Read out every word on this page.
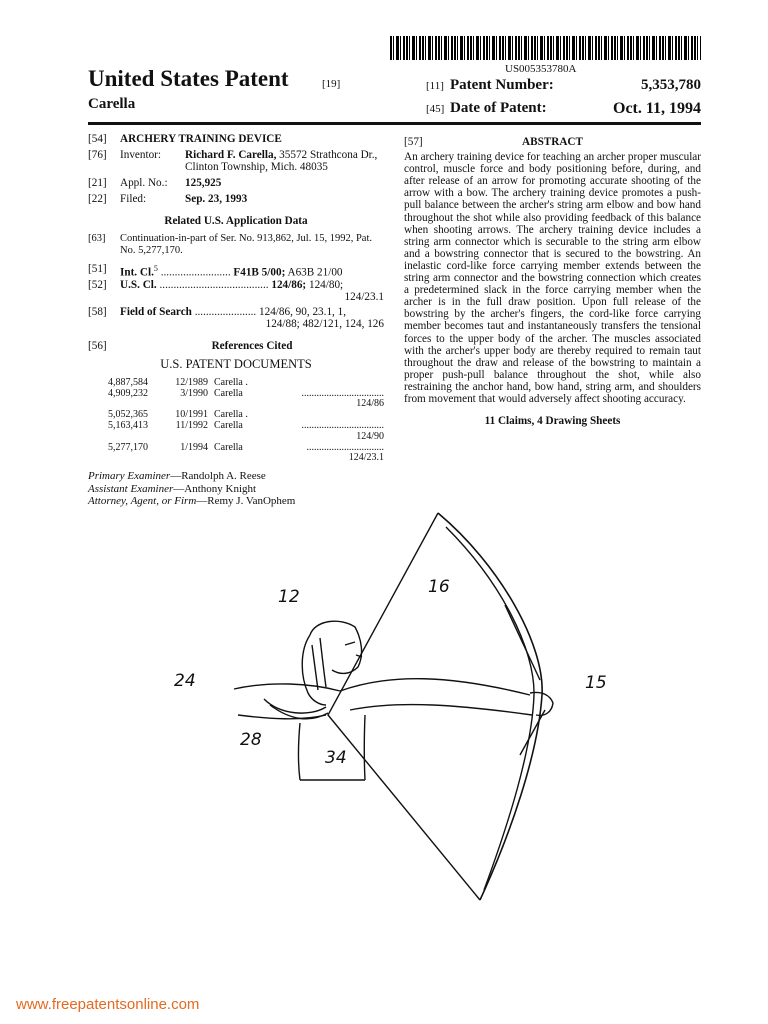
US005353780A
United States Patent	[19]
Carella
[11] Patent Number:	5,353,780
[45] Date of Patent:	Oct. 11, 1994
[54]	ARCHERY TRAINING DEVICE
[76]	Inventor:	Richard F. Carella, 35572 Strathcona Dr., Clinton Township, Mich. 48035
[21]	Appl. No.:	125,925
[22]	Filed:	Sep. 23, 1993
Related U.S. Application Data
[63]	Continuation-in-part of Ser. No. 913,862, Jul. 15, 1992, Pat. No. 5,277,170.
[51]	Int. Cl.$^5$ ......................... F41B 5/00; A63B 21/00
[52]	U.S. Cl. ....................................... 124/86; 124/80;
124/23.1
[58]	Field of Search ...................... 124/86, 90, 23.1, 1,
124/88; 482/121, 124, 126
[56]	References Cited
U.S. PATENT DOCUMENTS
4,887,584	12/1989 Carella .
4,909,232	3/1990 Carella	................................. 124/86
5,052,365	10/1991 Carella .
5,163,413	11/1992 Carella	................................. 124/90
5,277,170	1/1994 Carella	............................... 124/23.1
Primary Examiner—Randolph A. Reese
Assistant Examiner—Anthony Knight
Attorney, Agent, or Firm—Remy J. VanOphem
[57]	ABSTRACT
An archery training device for teaching an archer proper muscular control, muscle force and body positioning before, during, and after release of an arrow for promoting accurate shooting of the arrow with a bow. The archery training device promotes a push-pull balance between the archer's string arm elbow and bow hand throughout the shot while also providing feedback of this balance when shooting arrows. The archery training device includes a string arm connector which is securable to the string arm elbow and a bowstring connector that is secured to the bowstring. An inelastic cord-like force carrying member extends between the string arm connector and the bowstring connection which creates a predetermined slack in the force carrying member when the archer is in the full draw position. Upon full release of the bowstring by the archer's fingers, the cord-like force carrying member becomes taut and instantaneously transfers the tensional forces to the upper body of the archer. The muscles associated with the archer's upper body are thereby required to remain taut throughout the draw and release of the bowstring to maintain a proper push-pull balance throughout the shot, while also restraining the anchor hand, bow hand, string arm, and shoulders from movement that would adversely affect shooting accuracy.
11 Claims, 4 Drawing Sheets
12	16
15
24
28
34
www.freepatentsonline.com
